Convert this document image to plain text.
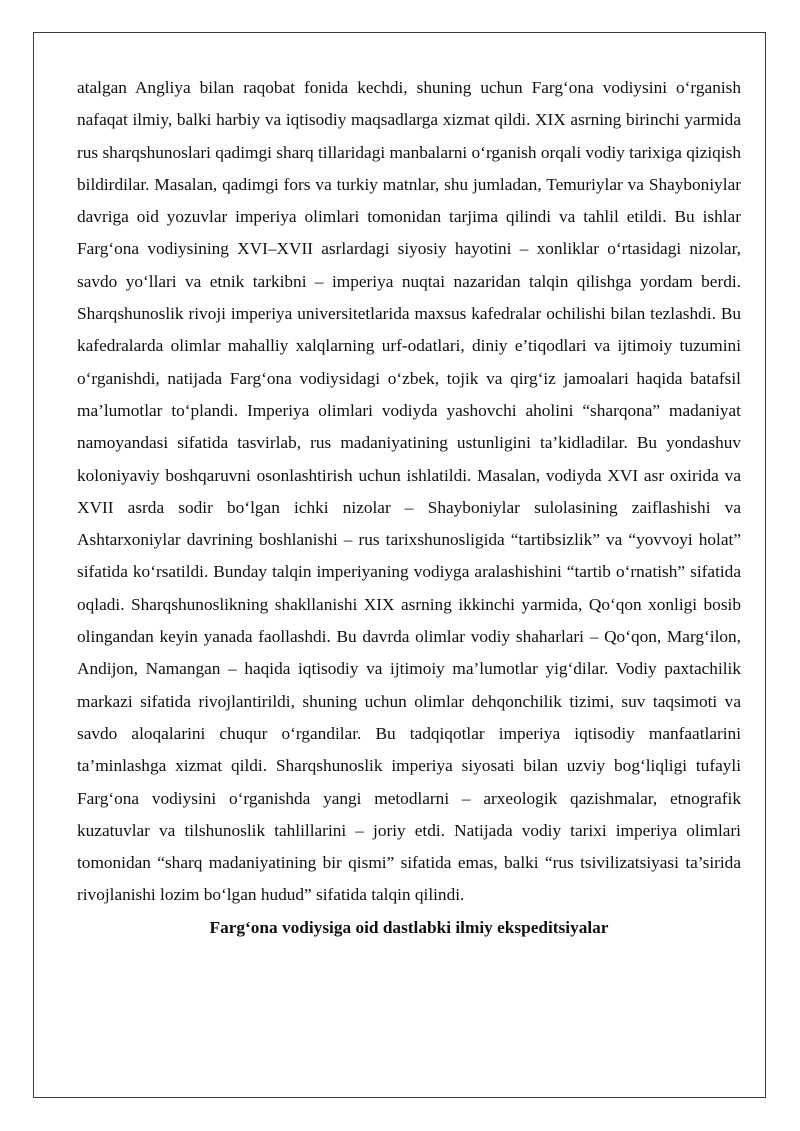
atalgan Angliya bilan raqobat fonida kechdi, shuning uchun Farg‘ona vodiysini o‘rganish nafaqat ilmiy, balki harbiy va iqtisodiy maqsadlarga xizmat qildi. XIX asrning birinchi yarmida rus sharqshunoslari qadimgi sharq tillaridagi manbalarni o‘rganish orqali vodiy tarixiga qiziqish bildirdilar. Masalan, qadimgi fors va turkiy matnlar, shu jumladan, Temuriylar va Shayboniylar davriga oid yozuvlar imperiya olimlari tomonidan tarjima qilindi va tahlil etildi. Bu ishlar Farg‘ona vodiysining XVI–XVII asrlardagi siyosiy hayotini – xonliklar o‘rtasidagi nizolar, savdo yo‘llari va etnik tarkibni – imperiya nuqtai nazaridan talqin qilishga yordam berdi. Sharqshunoslik rivoji imperiya universitetlarida maxsus kafedralar ochilishi bilan tezlashdi. Bu kafedralarda olimlar mahalliy xalqlarning urf-odatlari, diniy e’tiqodlari va ijtimoiy tuzumini o‘rganishdi, natijada Farg‘ona vodiysidagi o‘zbek, tojik va qirg‘iz jamoalari haqida batafsil ma’lumotlar to‘plandi. Imperiya olimlari vodiyda yashovchi aholini “sharqona” madaniyat namoyandasi sifatida tasvirlab, rus madaniyatining ustunligini ta’kidladilar. Bu yondashuv koloniyaviy boshqaruvni osonlashtirish uchun ishlatildi. Masalan, vodiyda XVI asr oxirida va XVII asrda sodir bo‘lgan ichki nizolar – Shayboniylar sulolasining zaiflashishi va Ashtarxoniylar davrining boshlanishi – rus tarixshunosligida “tartibsizlik” va “yovvoyi holat” sifatida ko‘rsatildi. Bunday talqin imperiyaning vodiyga aralashishini “tartib o‘rnatish” sifatida oqladi. Sharqshunoslikning shakllanishi XIX asrning ikkinchi yarmida, Qo‘qon xonligi bosib olingandan keyin yanada faollashdi. Bu davrda olimlar vodiy shaharlari – Qo‘qon, Marg‘ilon, Andijon, Namangan – haqida iqtisodiy va ijtimoiy ma’lumotlar yig‘dilar. Vodiy paxtachilik markazi sifatida rivojlantirildi, shuning uchun olimlar dehqonchilik tizimi, suv taqsimoti va savdo aloqalarini chuqur o‘rgandilar. Bu tadqiqotlar imperiya iqtisodiy manfaatlarini ta’minlashga xizmat qildi. Sharqshunoslik imperiya siyosati bilan uzviy bog‘liqligi tufayli Farg‘ona vodiysini o‘rganishda yangi metodlarni – arxeologik qazishmalar, etnografik kuzatuvlar va tilshunoslik tahlillarini – joriy etdi. Natijada vodiy tarixi imperiya olimlari tomonidan “sharq madaniyatining bir qismi” sifatida emas, balki “rus tsivilizatsiyasi ta’sirida rivojlanishi lozim bo‘lgan hudud” sifatida talqin qilindi.

Farg‘ona vodiysiga oid dastlabki ilmiy ekspeditsiyalar
